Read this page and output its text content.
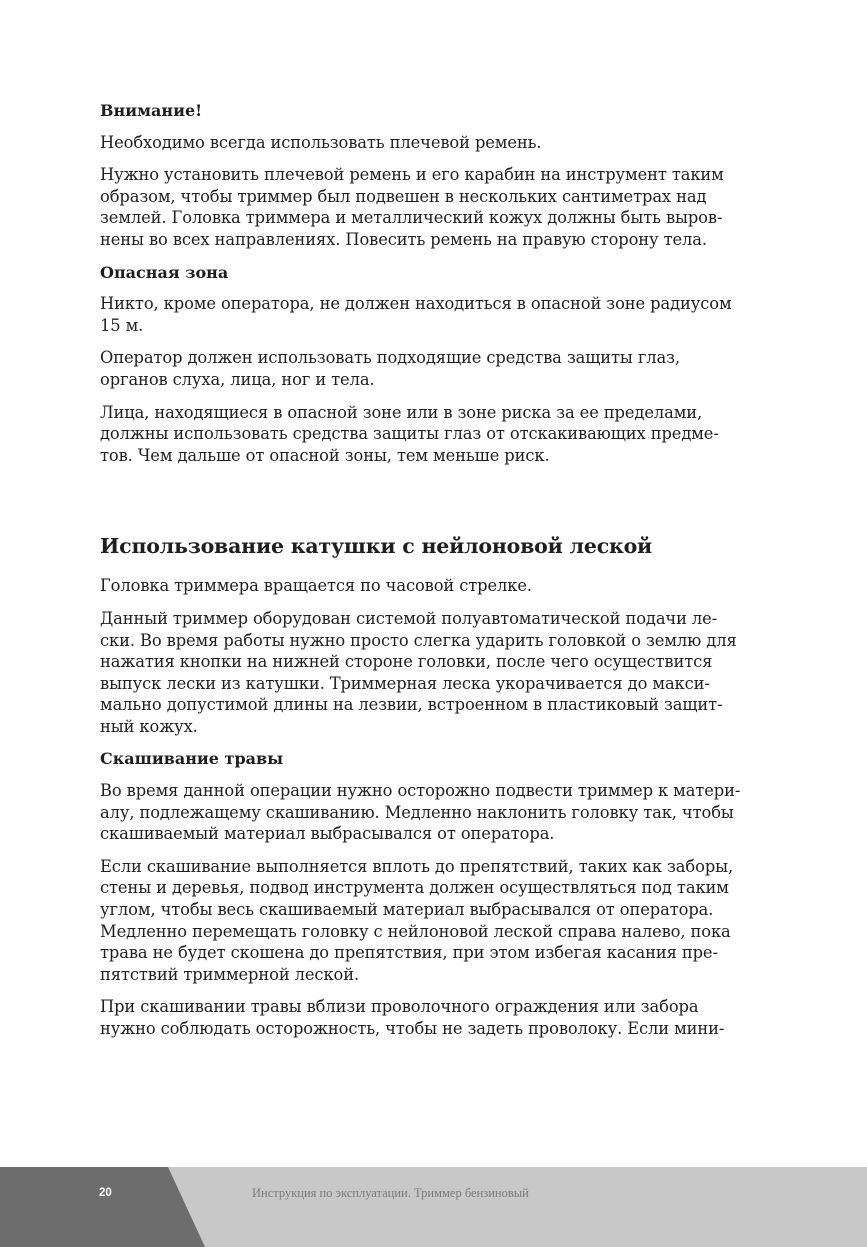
Внимание!
Необходимо всегда использовать плечевой ремень.
Нужно установить плечевой ремень и его карабин на инструмент таким
образом, чтобы триммер был подвешен в нескольких сантиметрах над
землей. Головка триммера и металлический кожух должны быть выров-
нены во всех направлениях. Повесить ремень на правую сторону тела.
Опасная зона
Никто, кроме оператора, не должен находиться в опасной зоне радиусом
15 м.
Оператор должен использовать подходящие средства защиты глаз,
органов слуха, лица, ног и тела.
Лица, находящиеся в опасной зоне или в зоне риска за ее пределами,
должны использовать средства защиты глаз от отскакивающих предме-
тов. Чем дальше от опасной зоны, тем меньше риск.
Использование катушки с нейлоновой леской
Головка триммера вращается по часовой стрелке.
Данный триммер оборудован системой полуавтоматической подачи ле-
ски. Во время работы нужно просто слегка ударить головкой о землю для
нажатия кнопки на нижней стороне головки, после чего осуществится
выпуск лески из катушки. Триммерная леска укорачивается до макси-
мально допустимой длины на лезвии, встроенном в пластиковый защит-
ный кожух.
Скашивание травы
Во время данной операции нужно осторожно подвести триммер к матери-
алу, подлежащему скашиванию. Медленно наклонить головку так, чтобы
скашиваемый материал выбрасывался от оператора.
Если скашивание выполняется вплоть до препятствий, таких как заборы,
стены и деревья, подвод инструмента должен осуществляться под таким
углом, чтобы весь скашиваемый материал выбрасывался от оператора.
Медленно перемещать головку с нейлоновой леской справа налево, пока
трава не будет скошена до препятствия, при этом избегая касания пре-
пятствий триммерной леской.
При скашивании травы вблизи проволочного ограждения или забора
нужно соблюдать осторожность, чтобы не задеть проволоку. Если мини-
20	Инструкция по эксплуатации. Триммер бензиновый
